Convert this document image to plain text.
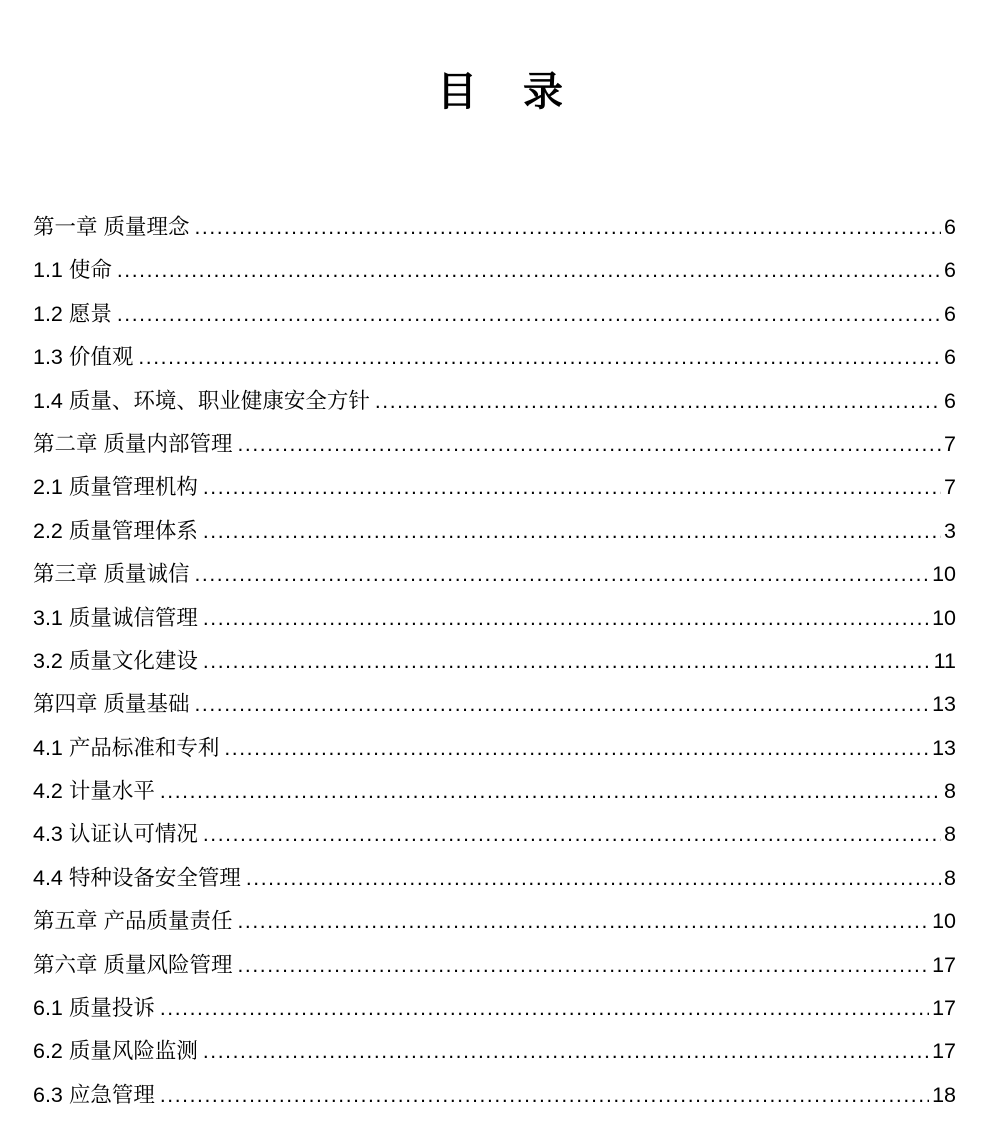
目 录
第一章 质量理念 .....	6
1.1 使命 .....	6
1.2 愿景 .....	6
1.3 价值观 .....	6
1.4 质量、环境、职业健康安全方针 .....	6
第二章 质量内部管理 .....	7
2.1 质量管理机构 .....	7
2.2 质量管理体系 .....	3
第三章 质量诚信 .....	10
3.1 质量诚信管理 .....	10
3.2 质量文化建设 .....	11
第四章 质量基础 .....	13
4.1 产品标准和专利 .....	13
4.2 计量水平 .....	8
4.3 认证认可情况 .....	8
4.4 特种设备安全管理 .....	8
第五章 产品质量责任 .....	10
第六章 质量风险管理 .....	17
6.1 质量投诉 .....	17
6.2 质量风险监测 .....	17
6.3 应急管理 .....	18
